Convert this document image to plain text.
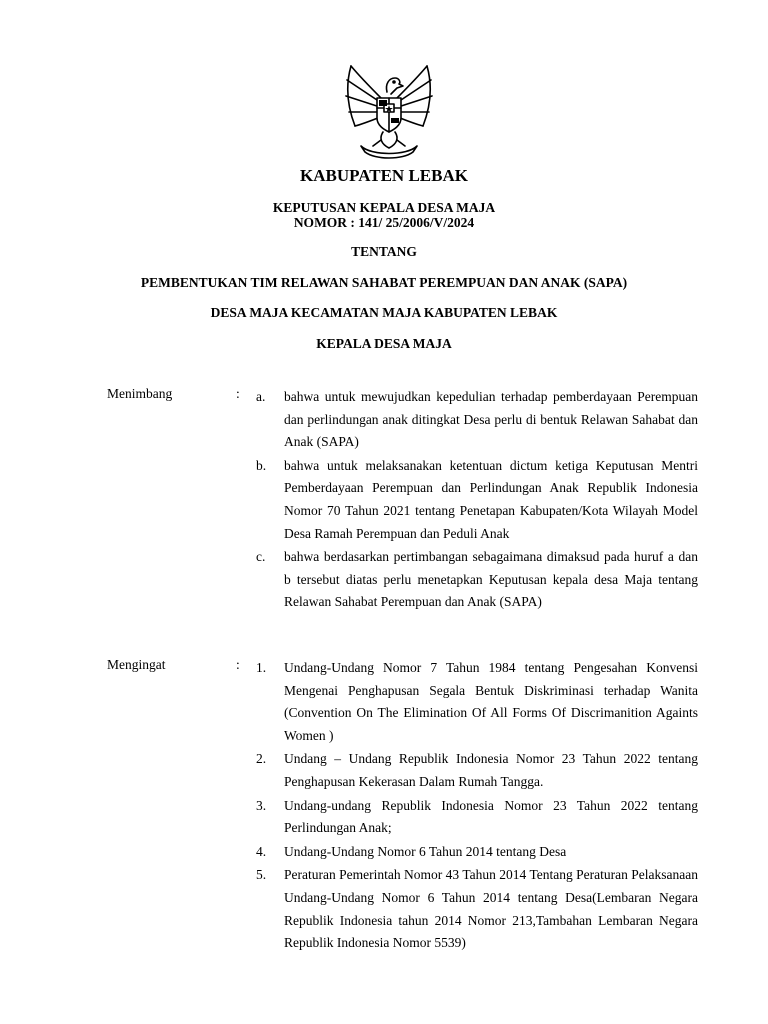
KABUPATEN LEBAK
KEPUTUSAN KEPALA DESA MAJA
NOMOR : 141/ 25/2006/V/2024
TENTANG
PEMBENTUKAN TIM RELAWAN SAHABAT PEREMPUAN DAN ANAK (SAPA)
DESA MAJA KECAMATAN MAJA KABUPATEN LEBAK
KEPALA DESA MAJA
Menimbang	: a.	bahwa untuk mewujudkan kepedulian terhadap pemberdayaan Perempuan dan perlindungan anak ditingkat Desa perlu di bentuk Relawan Sahabat dan Anak (SAPA)
b.	bahwa untuk melaksanakan ketentuan dictum ketiga Keputusan Mentri Pemberdayaan Perempuan dan Perlindungan Anak Republik Indonesia Nomor 70 Tahun 2021 tentang Penetapan Kabupaten/Kota Wilayah Model Desa Ramah Perempuan dan Peduli Anak
c.	bahwa berdasarkan pertimbangan sebagaimana dimaksud pada huruf a dan b tersebut diatas perlu menetapkan Keputusan kepala desa Maja tentang Relawan Sahabat Perempuan dan Anak (SAPA)
Mengingat	: 1.	Undang-Undang Nomor 7 Tahun 1984 tentang Pengesahan Konvensi Mengenai Penghapusan Segala Bentuk Diskriminasi terhadap Wanita (Convention On The Elimination Of All Forms Of Discrimanition Againts Women )
2.	Undang – Undang Republik Indonesia Nomor 23 Tahun 2022 tentang Penghapusan Kekerasan Dalam Rumah Tangga.
3.	Undang-undang Republik Indonesia Nomor 23 Tahun 2022 tentang Perlindungan Anak;
4.	Undang-Undang Nomor 6 Tahun 2014 tentang Desa
5.	Peraturan Pemerintah Nomor 43 Tahun 2014 Tentang Peraturan Pelaksanaan Undang-Undang Nomor 6 Tahun 2014 tentang Desa(Lembaran Negara Republik Indonesia tahun 2014 Nomor 213,Tambahan Lembaran Negara Republik Indonesia Nomor 5539)
